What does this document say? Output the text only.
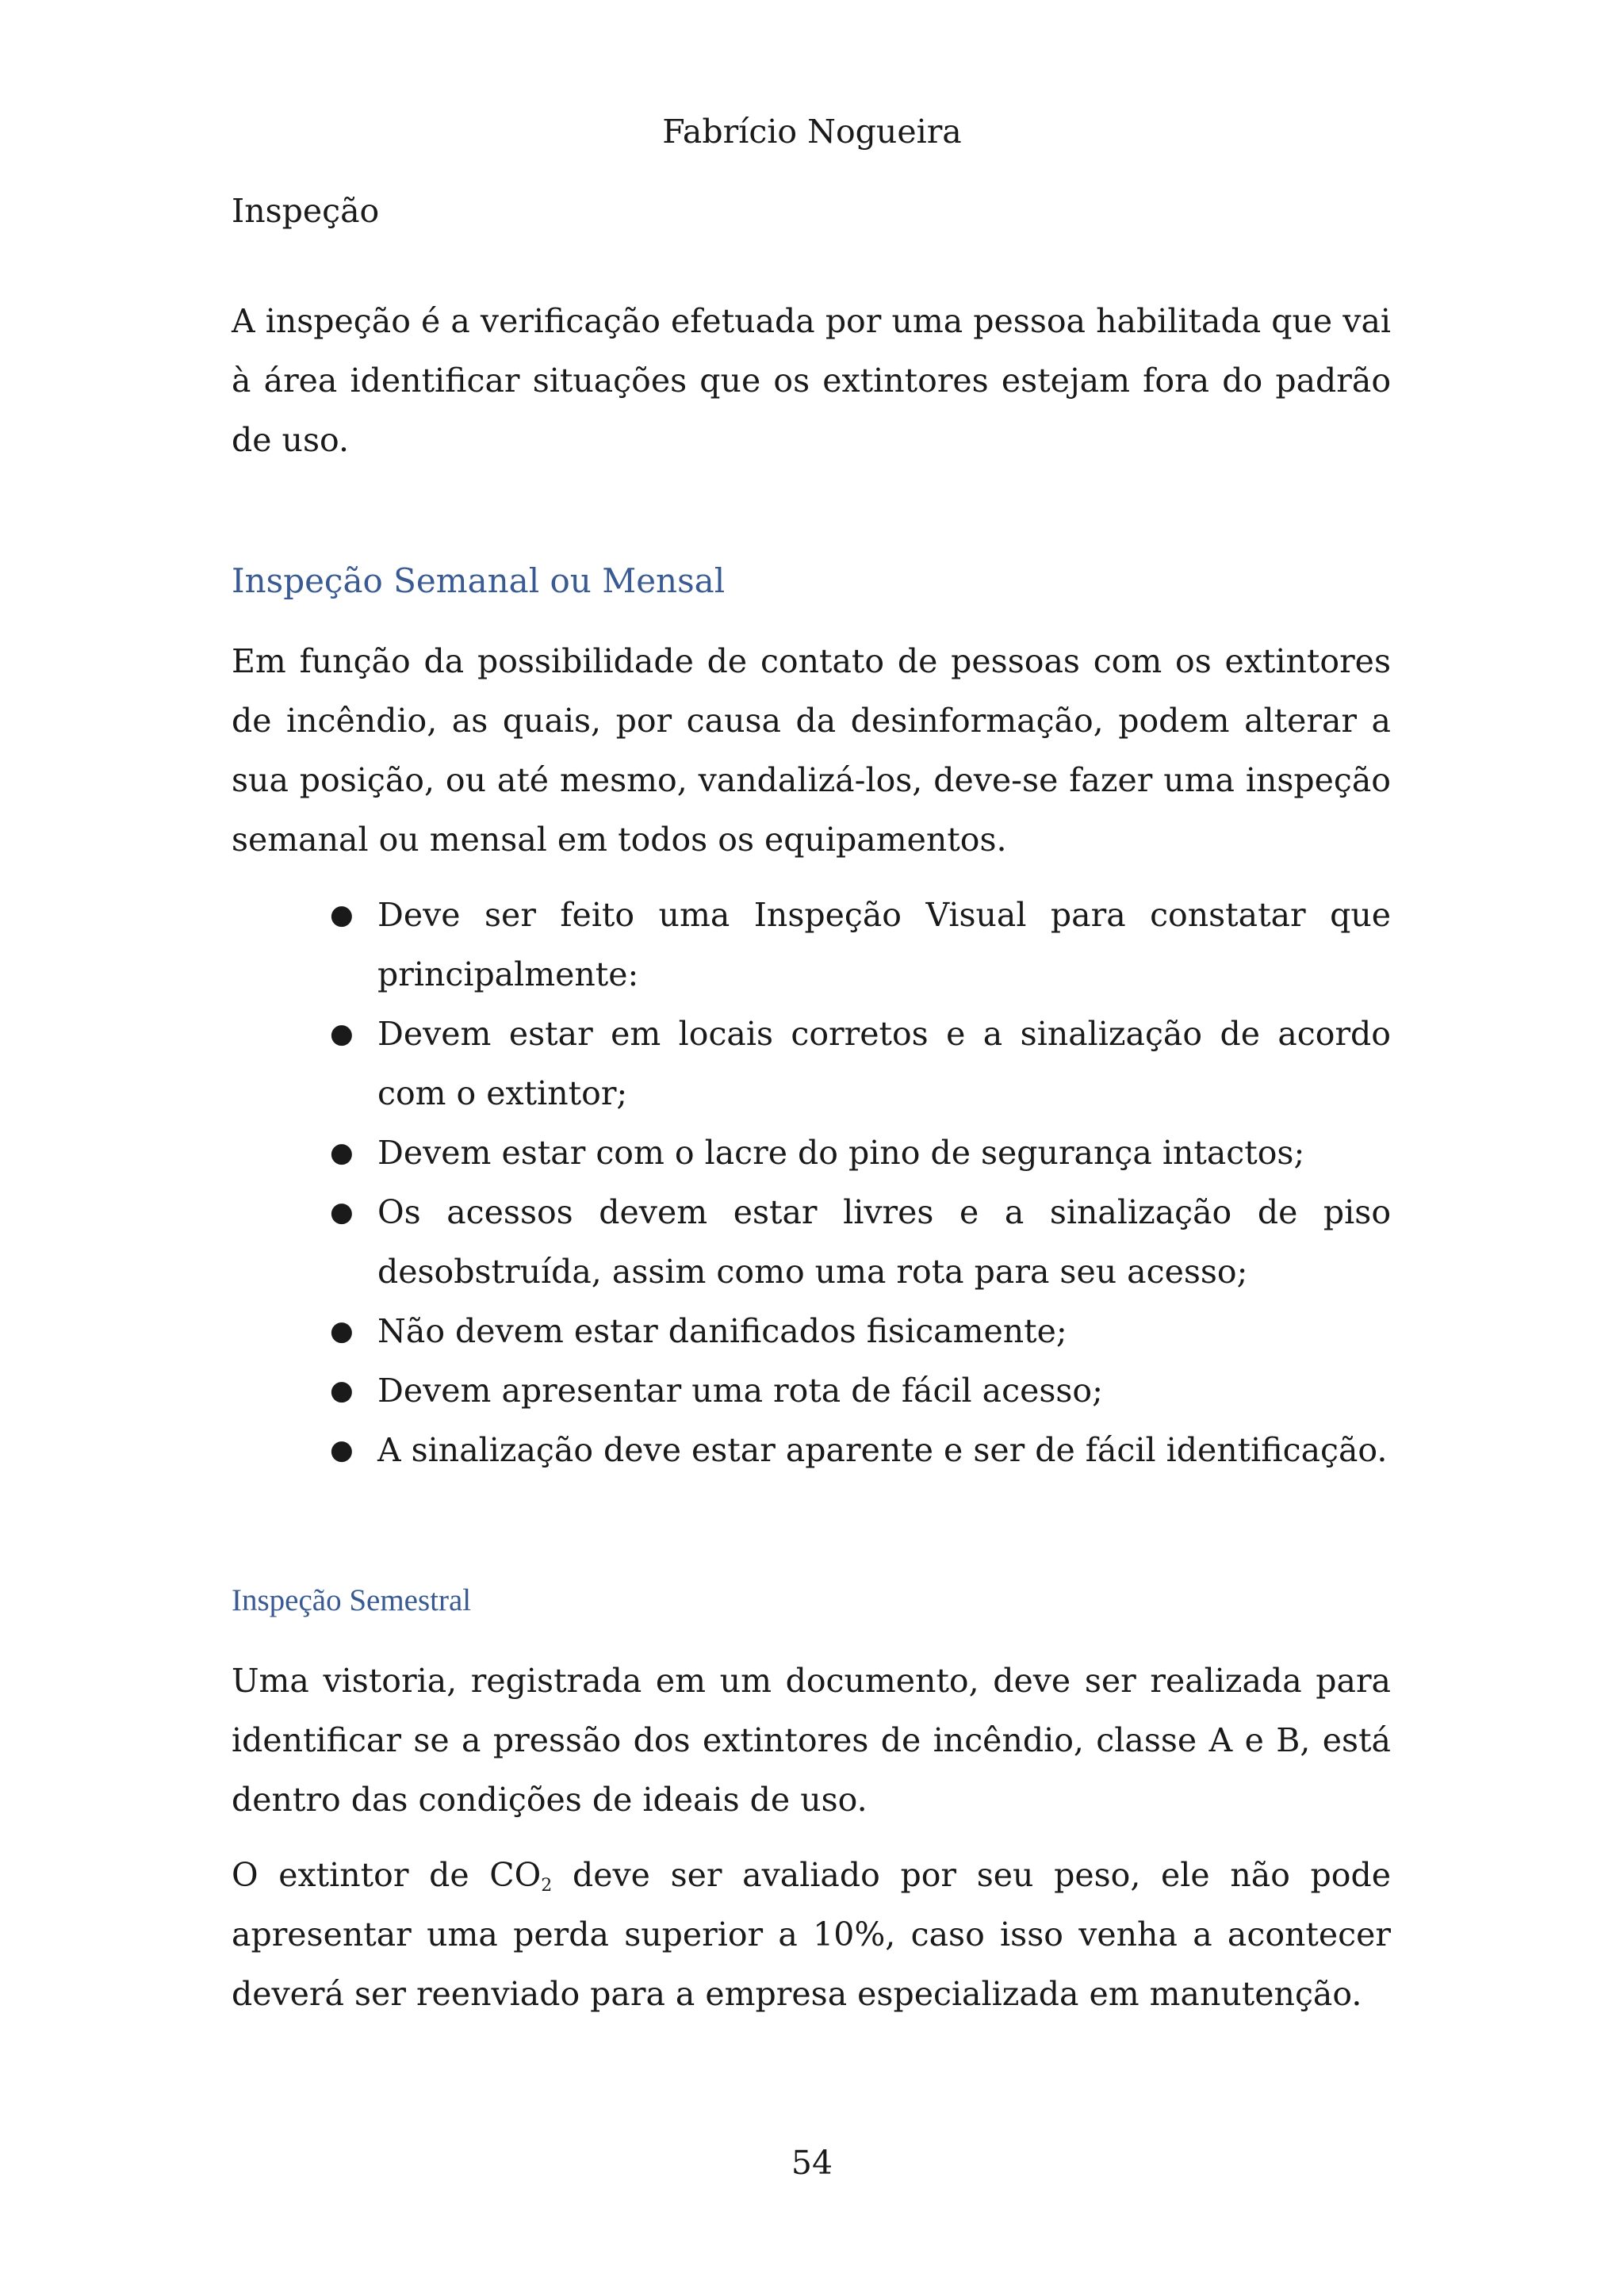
Fabrício Nogueira
Inspeção

A inspeção é a verificação efetuada por uma pessoa habilitada que vai à área identificar situações que os extintores estejam fora do padrão de uso.

Inspeção Semanal ou Mensal

Em função da possibilidade de contato de pessoas com os extintores de incêndio, as quais, por causa da desinformação, podem alterar a sua posição, ou até mesmo, vandalizá-los, deve-se fazer uma inspeção semanal ou mensal em todos os equipamentos.

● Deve ser feito uma Inspeção Visual para constatar que principalmente:
● Devem estar em locais corretos e a sinalização de acordo com o extintor;
● Devem estar com o lacre do pino de segurança intactos;
● Os acessos devem estar livres e a sinalização de piso desobstruída, assim como uma rota para seu acesso;
● Não devem estar danificados fisicamente;
● Devem apresentar uma rota de fácil acesso;
● A sinalização deve estar aparente e ser de fácil identificação.
Inspeção Semestral

Uma vistoria, registrada em um documento, deve ser realizada para identificar se a pressão dos extintores de incêndio, classe A e B, está dentro das condições de ideais de uso.

O extintor de $CO_2$ deve ser avaliado por seu peso, ele não pode apresentar uma perda superior a 10%, caso isso venha a acontecer deverá ser reenviado para a empresa especializada em manutenção.

54
